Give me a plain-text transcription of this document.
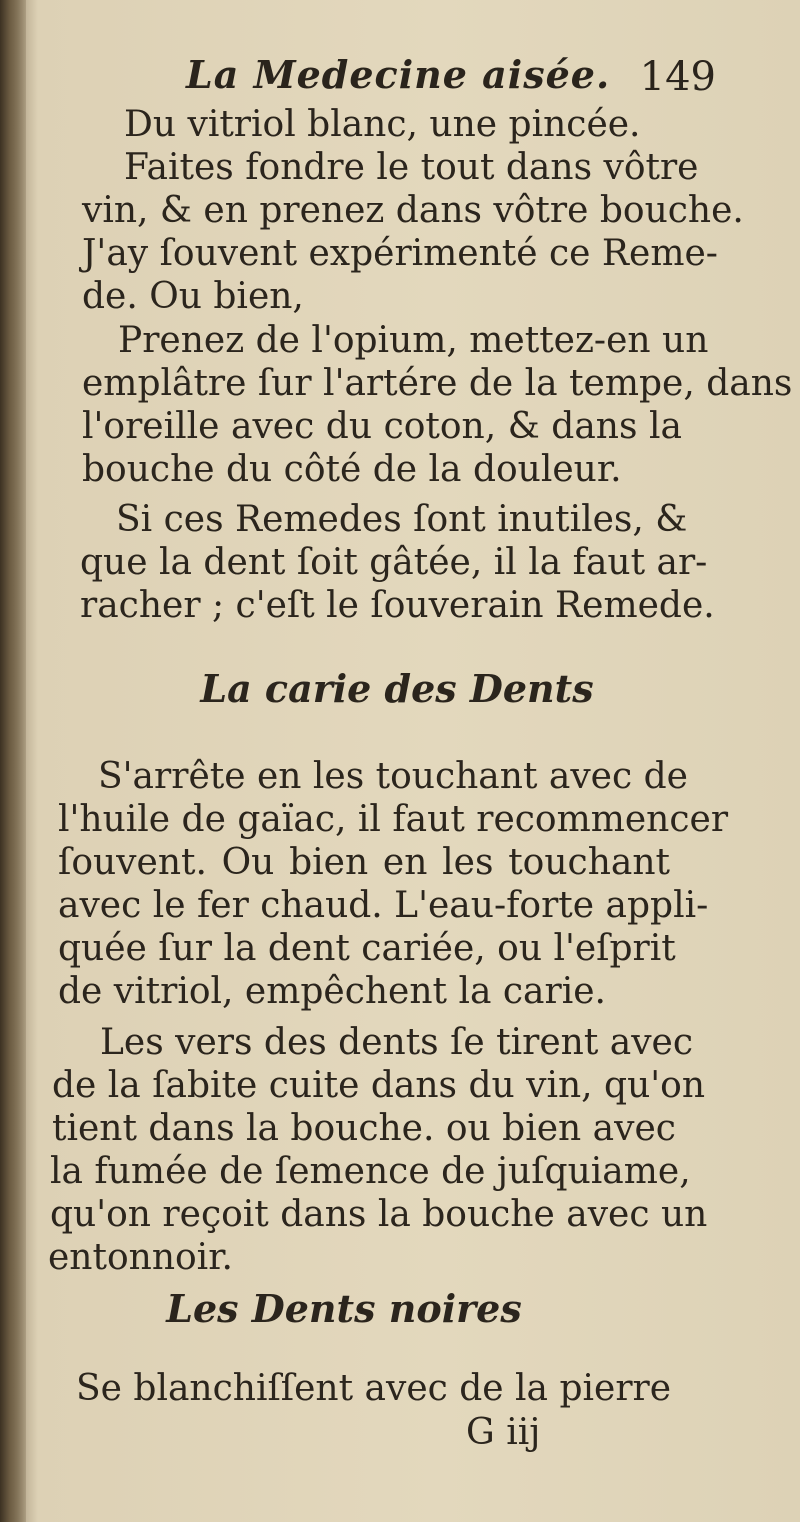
La Medecine aisée. 149
Du vitriol blanc, une pincée.
Faites fondre le tout dans vôtre
vin, & en prenez dans vôtre bouche.
J'ay ſouvent expérimenté ce Reme-
de. Ou bien,
Prenez de l'opium, mettez-en un
emplâtre ſur l'artére de la tempe, dans
l'oreille avec du coton, & dans la
bouche du côté de la douleur.
Si ces Remedes ſont inutiles, &
que la dent ſoit gâtée, il la faut ar-
racher ; c'eſt le ſouverain Remede.
La carie des Dents
S'arrête en les touchant avec de
l'huile de gaïac, il faut recommencer
ſouvent. Ou bien en les touchant
avec le fer chaud. L'eau-forte appli-
quée ſur la dent cariée, ou l'eſprit
de vitriol, empêchent la carie.
Les vers des dents ſe tirent avec
de la ſabite cuite dans du vin, qu'on
tient dans la bouche. ou bien avec
la fumée de ſemence de juſquiame,
qu'on reçoit dans la bouche avec un
entonnoir.
Les Dents noires
Se blanchiſſent avec de la pierre
G iij
